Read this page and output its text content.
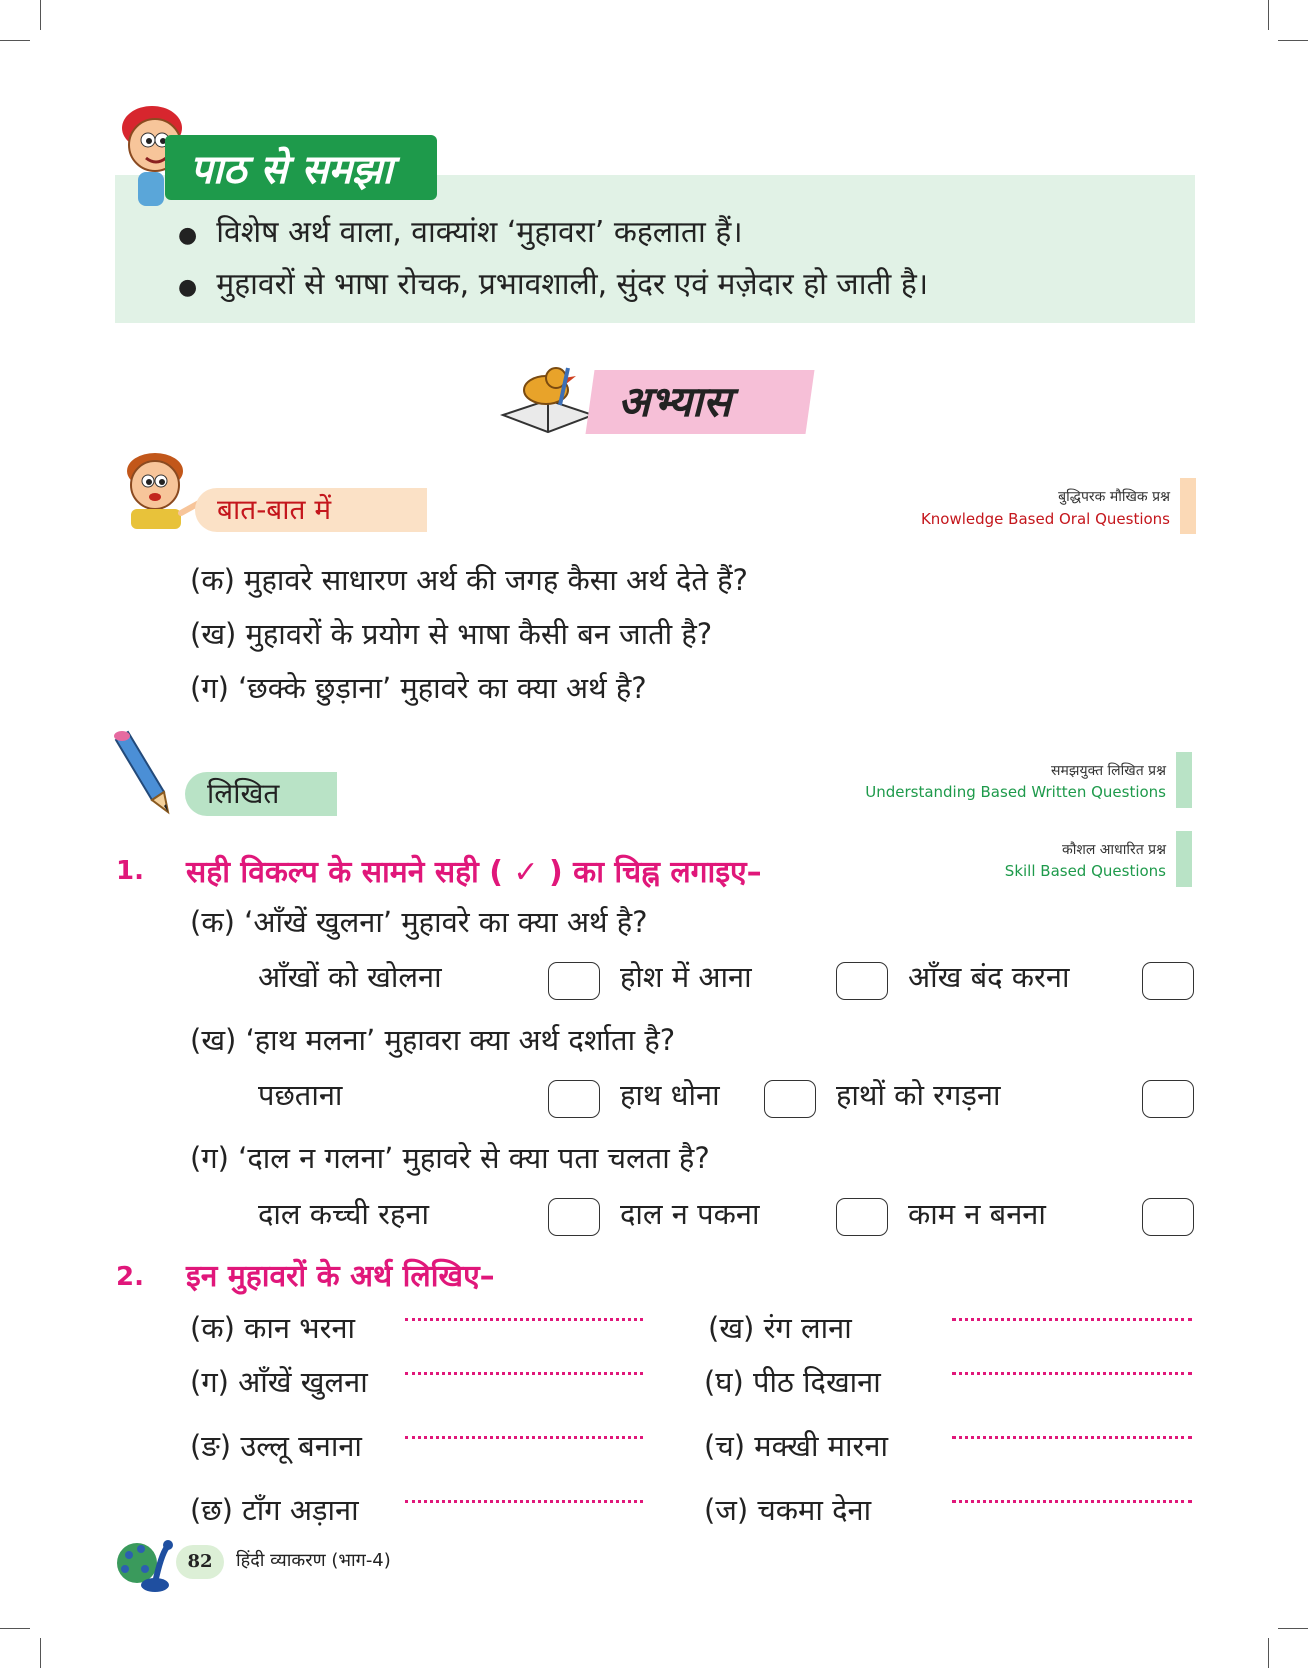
पाठ से समझा
● विशेष अर्थ वाला, वाक्यांश ‘मुहावरा’ कहलाता हैं।
● मुहावरों से भाषा रोचक, प्रभावशाली, सुंदर एवं मज़ेदार हो जाती है।
अभ्यास
बात-बात में	बुद्धिपरक मौखिक प्रश्न
Knowledge Based Oral Questions
(क) मुहावरे साधारण अर्थ की जगह कैसा अर्थ देते हैं?
(ख) मुहावरों के प्रयोग से भाषा कैसी बन जाती है?
(ग) ‘छक्के छुड़ाना’ मुहावरे का क्या अर्थ है?
लिखित
समझयुक्त लिखित प्रश्न
Understanding Based Written Questions
कौशल आधारित प्रश्न
Skill Based Questions
1. सही विकल्प के सामने सही ( ✓ ) का चिह्न लगाइए–
(क) ‘आँखें खुलना’ मुहावरे का क्या अर्थ है?
आँखों को खोलना	होश में आना	आँख बंद करना
(ख) ‘हाथ मलना’ मुहावरा क्या अर्थ दर्शाता है?
पछताना	हाथ धोना	हाथों को रगड़ना
(ग) ‘दाल न गलना’ मुहावरे से क्या पता चलता है?
दाल कच्ची रहना	दाल न पकना	काम न बनना
2. इन मुहावरों के अर्थ लिखिए–
(क) कान भरना	(ख) रंग लाना
(ग) आँखें खुलना	(घ) पीठ दिखाना
(ङ) उल्लू बनाना	(च) मक्खी मारना
(छ) टाँग अड़ाना	(ज) चकमा देना
82	हिंदी व्याकरण (भाग-4)
